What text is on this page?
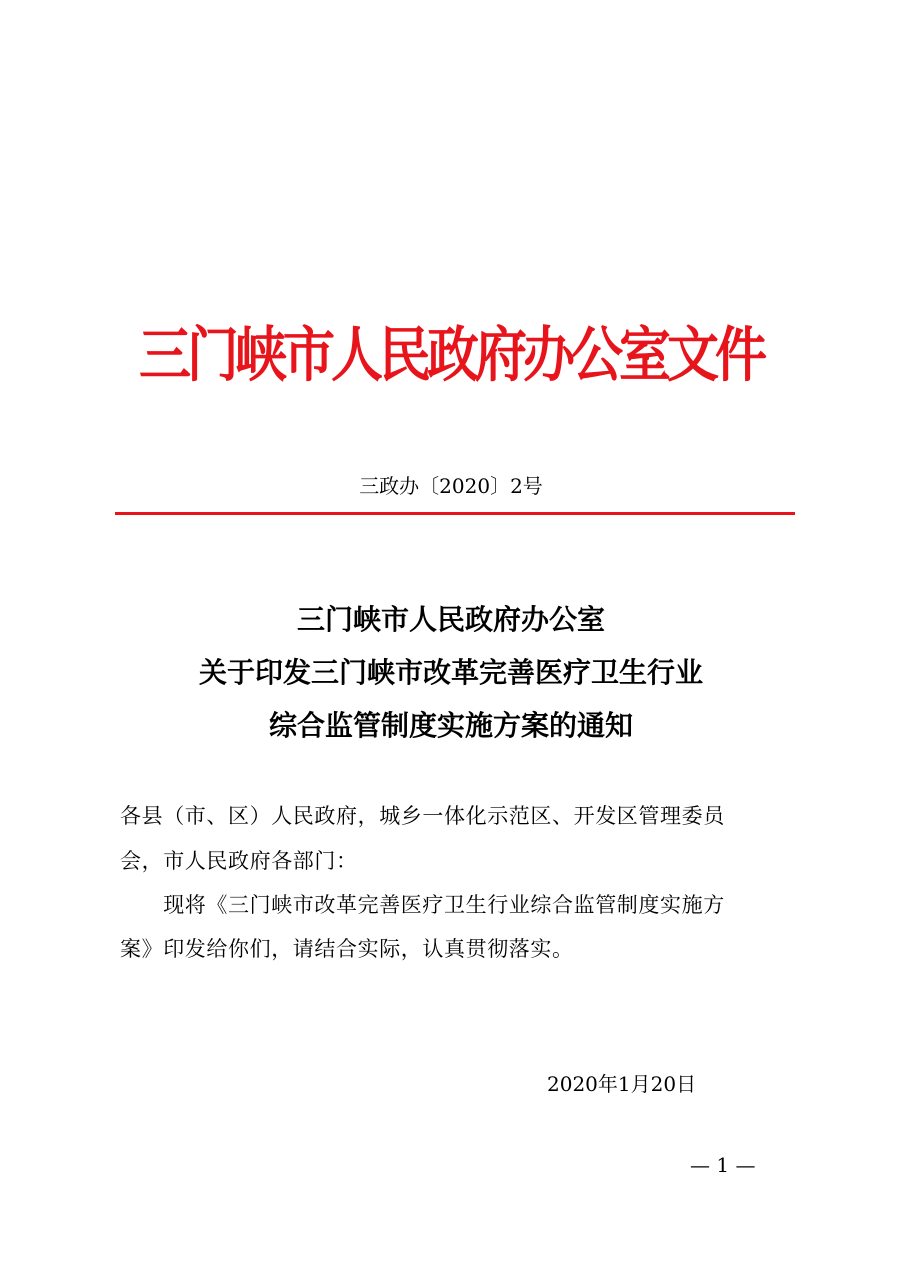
三门峡市人民政府办公室文件
三政办〔2020〕2号
三门峡市人民政府办公室
关于印发三门峡市改革完善医疗卫生行业
综合监管制度实施方案的通知
各县（市、区）人民政府，城乡一体化示范区、开发区管理委员
会，市人民政府各部门：
　　现将《三门峡市改革完善医疗卫生行业综合监管制度实施方
案》印发给你们，请结合实际，认真贯彻落实。
2020年1月20日
— 1 —
